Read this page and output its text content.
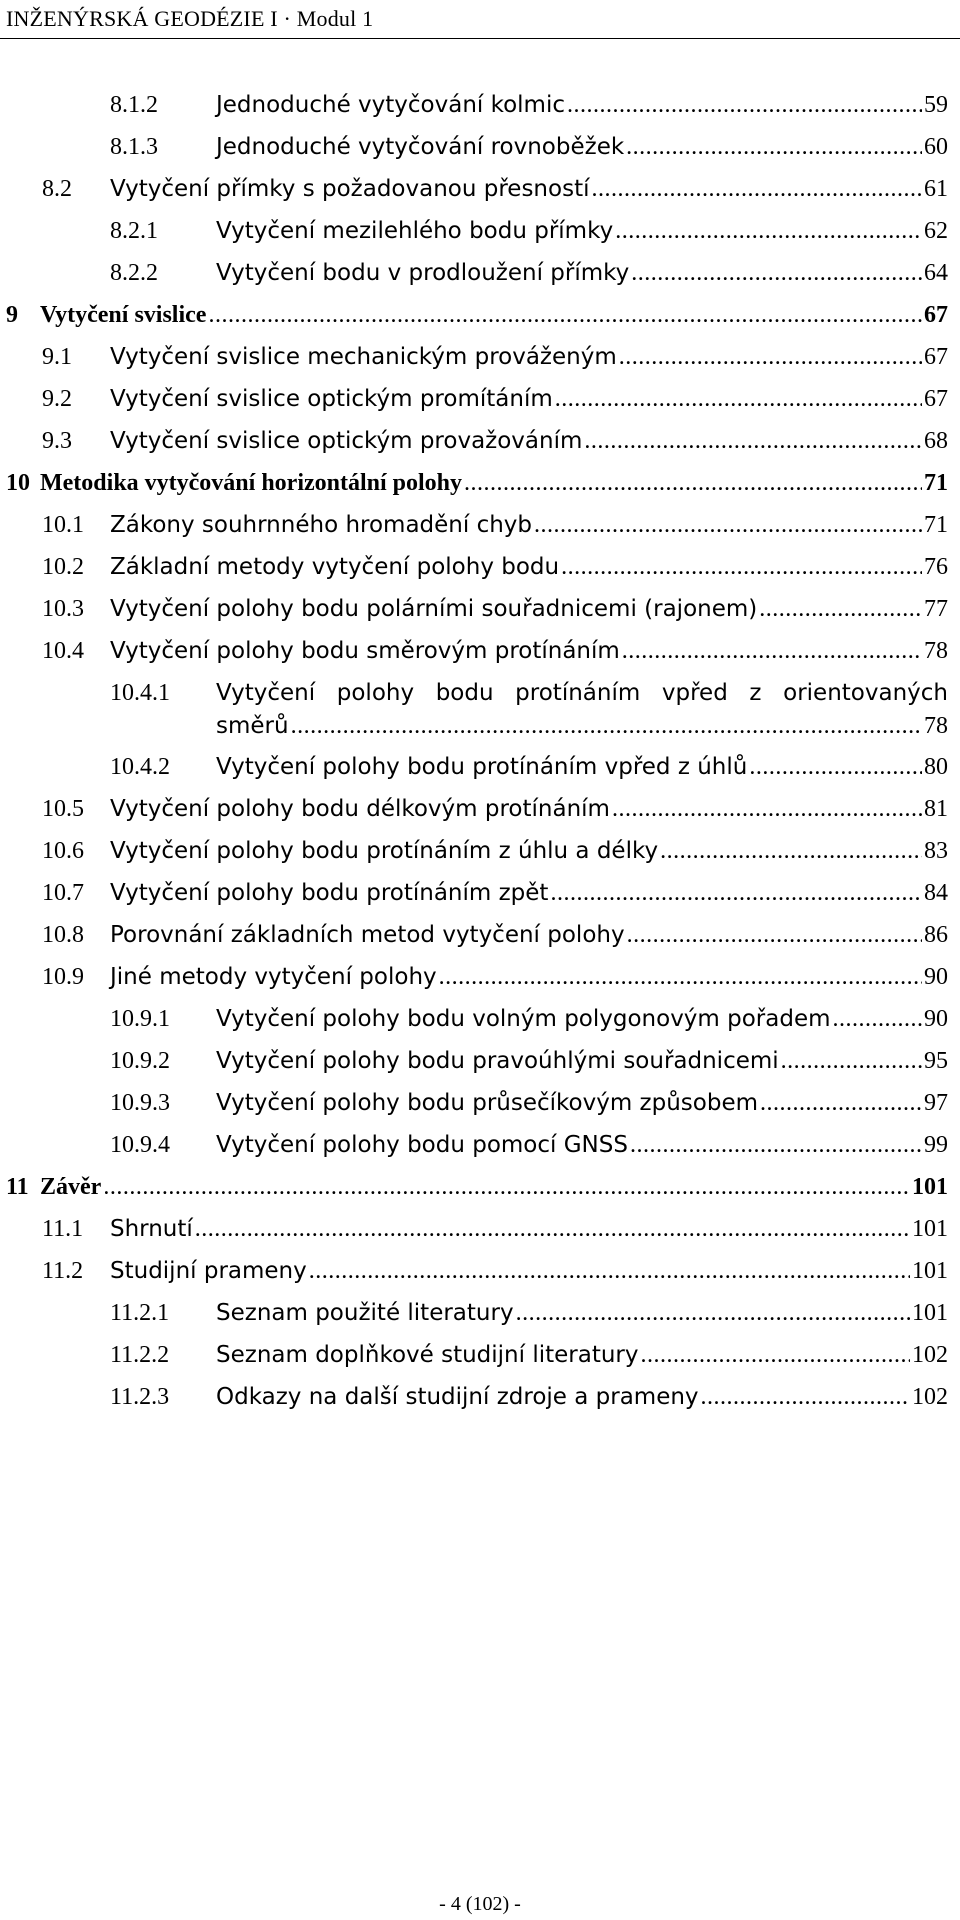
INŽENÝRSKÁ GEODÉZIE I · Modul 1
8.1.2	Jednoduché vytyčování kolmic .....	59
8.1.3	Jednoduché vytyčování rovnoběžek .....	60
8.2 Vytyčení přímky s požadovanou přesností .....	61
8.2.1	Vytyčení mezilehlého bodu přímky .....	62
8.2.2	Vytyčení bodu v prodloužení přímky .....	64
9 Vytyčení svislice .....	67
9.1 Vytyčení svislice mechanickým prováženým .....	67
9.2 Vytyčení svislice optickým promítáním .....	67
9.3 Vytyčení svislice optickým provažováním .....	68
10 Metodika vytyčování horizontální polohy .....	71
10.1 Zákony souhrnného hromadění chyb .....	71
10.2 Základní metody vytyčení polohy bodu .....	76
10.3 Vytyčení polohy bodu polárními souřadnicemi (rajonem) .....	77
10.4 Vytyčení polohy bodu směrovým protínáním .....	78
10.4.1 Vytyčení polohy bodu protínáním vpřed z orientovaných
směrů .....	78
10.4.2 Vytyčení polohy bodu protínáním vpřed z úhlů .....	80
10.5 Vytyčení polohy bodu délkovým protínáním .....	81
10.6 Vytyčení polohy bodu protínáním z úhlu a délky .....	83
10.7 Vytyčení polohy bodu protínáním zpět .....	84
10.8 Porovnání základních metod vytyčení polohy .....	86
10.9 Jiné metody vytyčení polohy .....	90
10.9.1 Vytyčení polohy bodu volným polygonovým pořadem .....	90
10.9.2 Vytyčení polohy bodu pravoúhlými souřadnicemi .....	95
10.9.3 Vytyčení polohy bodu průsečíkovým způsobem .....	97
10.9.4 Vytyčení polohy bodu pomocí GNSS .....	99
11 Závěr .....	101
11.1 Shrnutí .....	101
11.2 Studijní prameny .....	101
11.2.1 Seznam použité literatury .....	101
11.2.2 Seznam doplňkové studijní literatury .....	102
11.2.3 Odkazy na další studijní zdroje a prameny .....	102
- 4 (102) -
